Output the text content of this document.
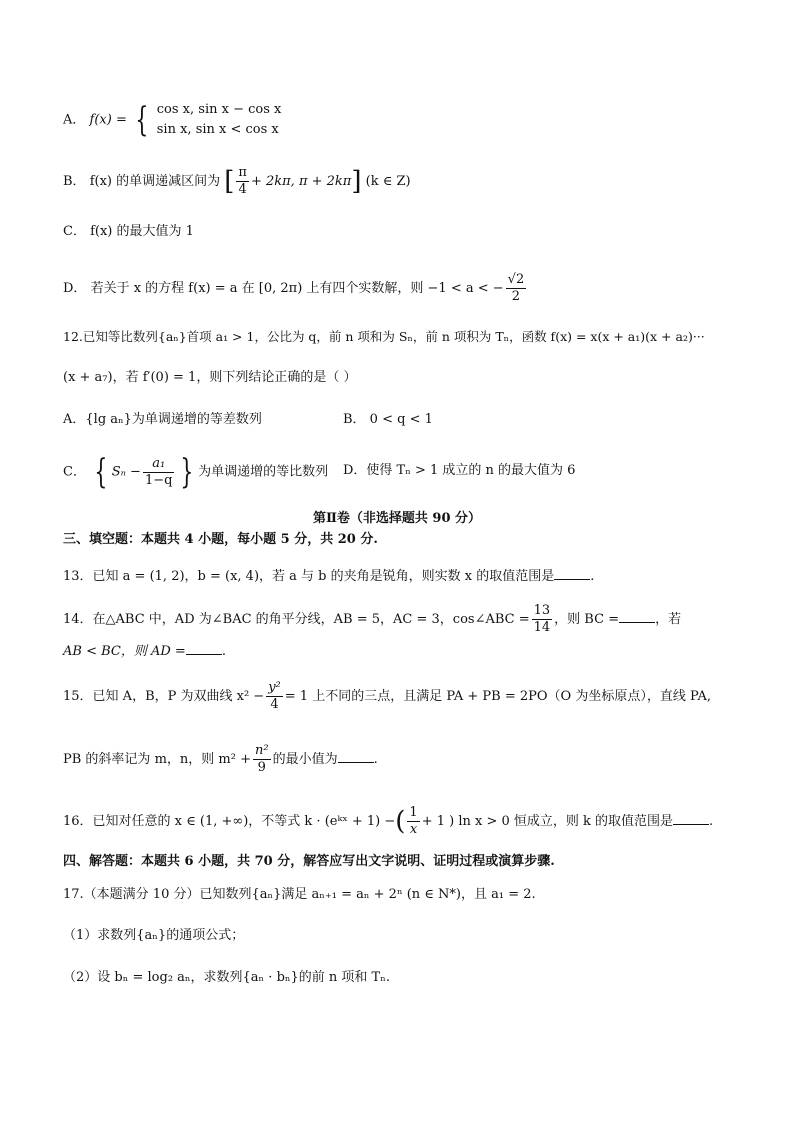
A． f(x) = { cos x, sin x − cos x
sin x, sin x < cos x
B． f(x) 的单调递减区间为 [ $\frac{\pi}{4} + 2k\pi$, π + 2kπ] (k ∈ Z)
C． f(x) 的最大值为 1
D． 若关于 x 的方程 f(x) = a 在 [0, 2π) 上有四个实数解，则 −1 < a < − $\frac{√2}{2}$
12.已知等比数列{aₙ}首项 a₁ > 1，公比为 q，前 n 项和为 Sₙ，前 n 项积为 Tₙ，函数 f(x) = x(x + a₁)(x + a₂)···
(x + a₇)，若 f′(0) = 1，则下列结论正确的是（ ）
A．{lg aₙ}为单调递增的等差数列	B． 0 < q < 1
C． { $S_n - \frac{\text{a₁}}{1-q}$ } 为单调递增的等比数列 D．使得 Tₙ > 1 成立的 n 的最大值为 6
第Ⅱ卷（非选择题共 90 分）
三、填空题：本题共 4 小题，每小题 5 分，共 20 分.
13．已知 a = (1, 2)，b = (x, 4)，若 a 与 b 的夹角是锐角，则实数 x 的取值范围是	.
14．在△ABC 中，AD 为∠BAC 的角平分线，AB = 5，AC = 3，cos∠ABC = $\frac{13}{14}$ ，则 BC =	，若
AB < BC，则 AD =	.
15．已知 A，B，P 为双曲线 $x^2 - \frac{\text{y²}}{4} = 1$ 上不同的三点，且满足 PA + PB = 2PO（O 为坐标原点），直线 PA,
PB 的斜率记为 m，n，则 $m^2 + \frac{\text{n²}}{9}$ 的最小值为	.
16．已知对任意的 x ∈ (1, +∞)，不等式 k · (eᵏˣ + 1) −( $\frac{1}{x} + 1$ ) ln x > 0 恒成立，则 k 的取值范围是	.
四、解答题：本题共 6 小题，共 70 分，解答应写出文字说明、证明过程或演算步骤.
17.（本题满分 10 分）已知数列{aₙ}满足 aₙ₊₁ = aₙ + 2ⁿ (n ∈ N*)，且 a₁ = 2.
（1）求数列{aₙ}的通项公式；
（2）设 bₙ = log₂ aₙ，求数列{aₙ · bₙ}的前 n 项和 Tₙ.
